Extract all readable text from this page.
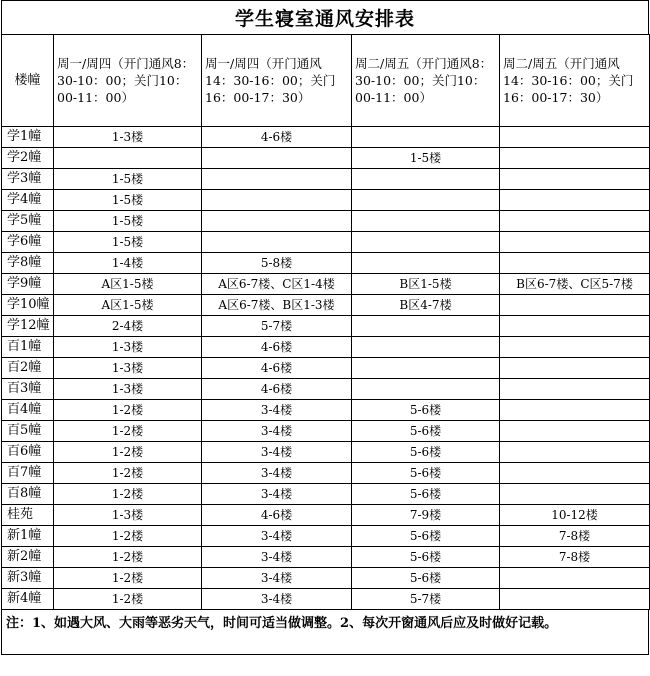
学生寝室通风安排表
楼幢	周一/周四（开门通风8：30-10：00；关门10：00-11：00）	周一/周四（开门通风14：30-16：00；关门16：00-17：30）	周二/周五（开门通风8：30-10：00；关门10：00-11：00）	周二/周五（开门通风14：30-16：00；关门16：00-17：30）
学1幢	1-3楼	4-6楼		
学2幢			1-5楼	
学3幢	1-5楼			
学4幢	1-5楼			
学5幢	1-5楼			
学6幢	1-5楼			
学8幢	1-4楼	5-8楼		
学9幢	A区1-5楼	A区6-7楼、C区1-4楼	B区1-5楼	B区6-7楼、C区5-7楼
学10幢	A区1-5楼	A区6-7楼、B区1-3楼	B区4-7楼	
学12幢	2-4楼	5-7楼		
百1幢	1-3楼	4-6楼		
百2幢	1-3楼	4-6楼		
百3幢	1-3楼	4-6楼		
百4幢	1-2楼	3-4楼	5-6楼	
百5幢	1-2楼	3-4楼	5-6楼	
百6幢	1-2楼	3-4楼	5-6楼	
百7幢	1-2楼	3-4楼	5-6楼	
百8幢	1-2楼	3-4楼	5-6楼	
桂苑	1-3楼	4-6楼	7-9楼	10-12楼
新1幢	1-2楼	3-4楼	5-6楼	7-8楼
新2幢	1-2楼	3-4楼	5-6楼	7-8楼
新3幢	1-2楼	3-4楼	5-6楼	
新4幢	1-2楼	3-4楼	5-7楼	
注：1、如遇大风、大雨等恶劣天气，时间可适当做调整。2、每次开窗通风后应及时做好记载。
